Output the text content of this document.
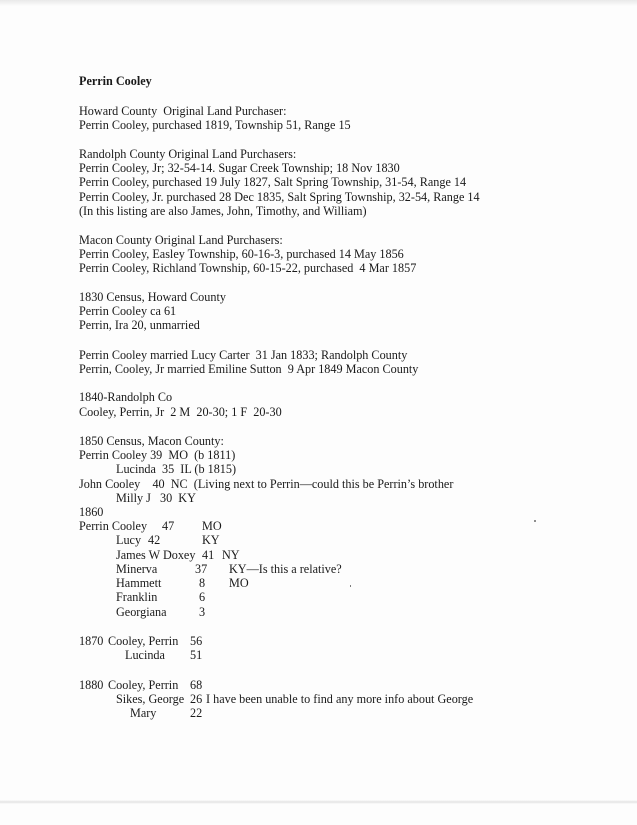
Perrin Cooley
Howard County  Original Land Purchaser:
Perrin Cooley, purchased 1819, Township 51, Range 15
Randolph County Original Land Purchasers:
Perrin Cooley, Jr; 32-54-14. Sugar Creek Township; 18 Nov 1830
Perrin Cooley, purchased 19 July 1827, Salt Spring Township, 31-54, Range 14
Perrin Cooley, Jr. purchased 28 Dec 1835, Salt Spring Township, 32-54, Range 14
(In this listing are also James, John, Timothy, and William)
Macon County Original Land Purchasers:
Perrin Cooley, Easley Township, 60-16-3, purchased 14 May 1856
Perrin Cooley, Richland Township, 60-15-22, purchased  4 Mar 1857
1830 Census, Howard County
Perrin Cooley ca 61
Perrin, Ira 20, unmarried
Perrin Cooley married Lucy Carter  31 Jan 1833; Randolph County
Perrin, Cooley, Jr married Emiline Sutton  9 Apr 1849 Macon County
1840-Randolph Co
Cooley, Perrin, Jr  2 M  20-30; 1 F  20-30
1850 Census, Macon County:
Perrin Cooley 39  MO  (b 1811)
Lucinda  35  IL (b 1815)
John Cooley    40  NC  (Living next to Perrin—could this be Perrin’s brother
Milly J   30  KY
1860
Perrin Cooley 47 MO
Lucy 42	KY
James W Doxey 41 NY
Minerva	37 KY—Is this a relative?
Hammett	8 MO
Franklin	6
Georgiana	3
1870 Cooley, Perrin 56
Lucinda 51
1880 Cooley, Perrin 68
Sikes, George 26 I have been unable to find any more info about George
Mary	22
